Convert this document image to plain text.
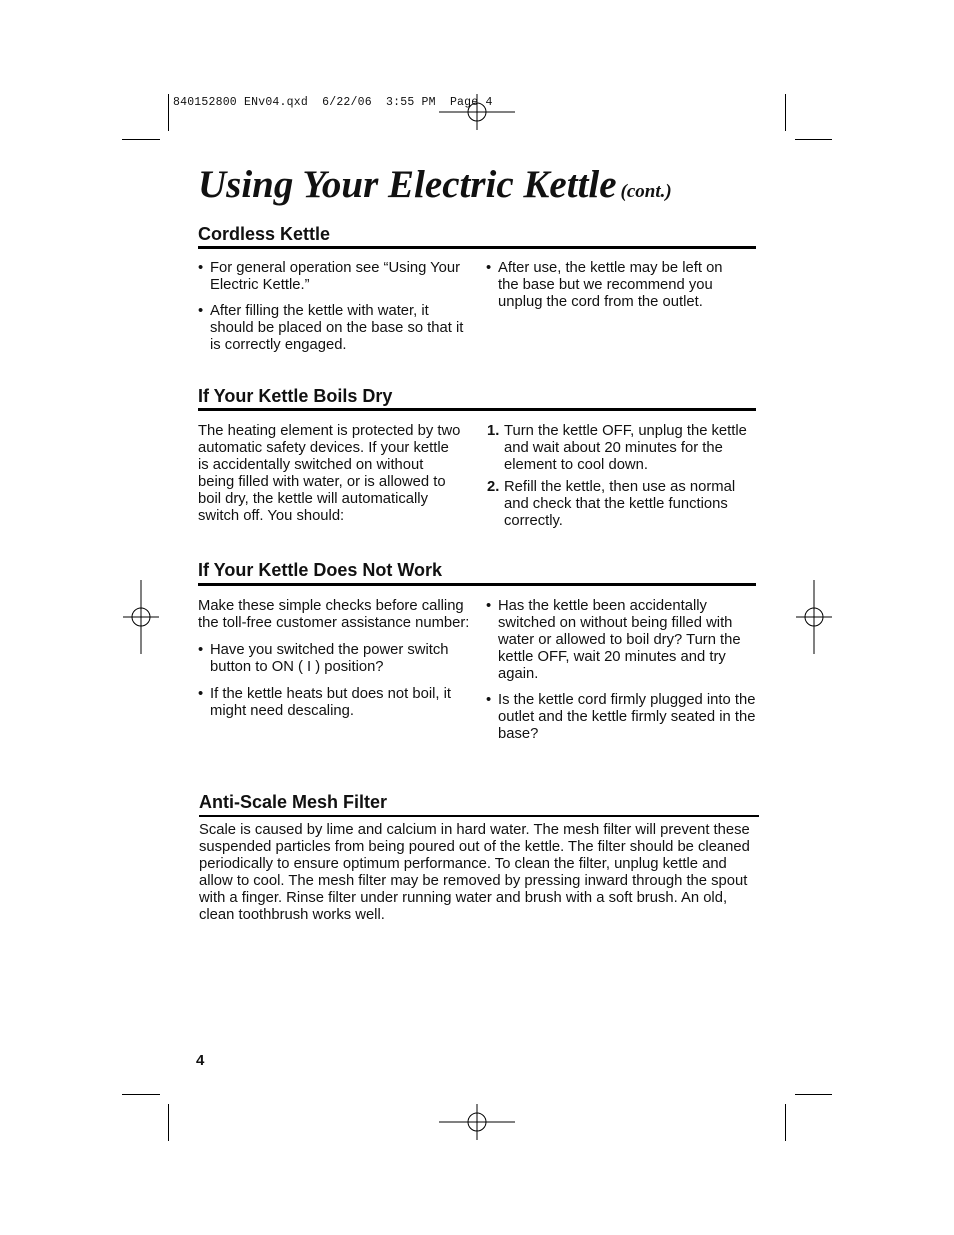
840152800 ENv04.qxd  6/22/06  3:55 PM  Page 4
Using Your Electric Kettle (cont.)
Cordless Kettle

• For general operation see “Using Your Electric Kettle.”

• After filling the kettle with water, it should be placed on the base so that it is correctly engaged.

• After use, the kettle may be left on the base but we recommend you unplug the cord from the outlet.

If Your Kettle Boils Dry

The heating element is protected by two automatic safety devices. If your kettle is accidentally switched on without being filled with water, or is allowed to boil dry, the kettle will automatically switch off. You should:

1. Turn the kettle OFF, unplug the kettle and wait about 20 minutes for the element to cool down.

2. Refill the kettle, then use as normal and check that the kettle functions correctly.

If Your Kettle Does Not Work

Make these simple checks before calling the toll-free customer assistance number:

• Have you switched the power switch button to ON ( I ) position?

• If the kettle heats but does not boil, it might need descaling.

• Has the kettle been accidentally switched on without being filled with water or allowed to boil dry? Turn the kettle OFF, wait 20 minutes and try again.

• Is the kettle cord firmly plugged into the outlet and the kettle firmly seated in the base?

Anti-Scale Mesh Filter

Scale is caused by lime and calcium in hard water. The mesh filter will prevent these suspended particles from being poured out of the kettle. The filter should be cleaned periodically to ensure optimum performance. To clean the filter, unplug kettle and allow to cool. The mesh filter may be removed by pressing inward through the spout with a finger. Rinse filter under running water and brush with a soft brush. An old, clean toothbrush works well.

4
